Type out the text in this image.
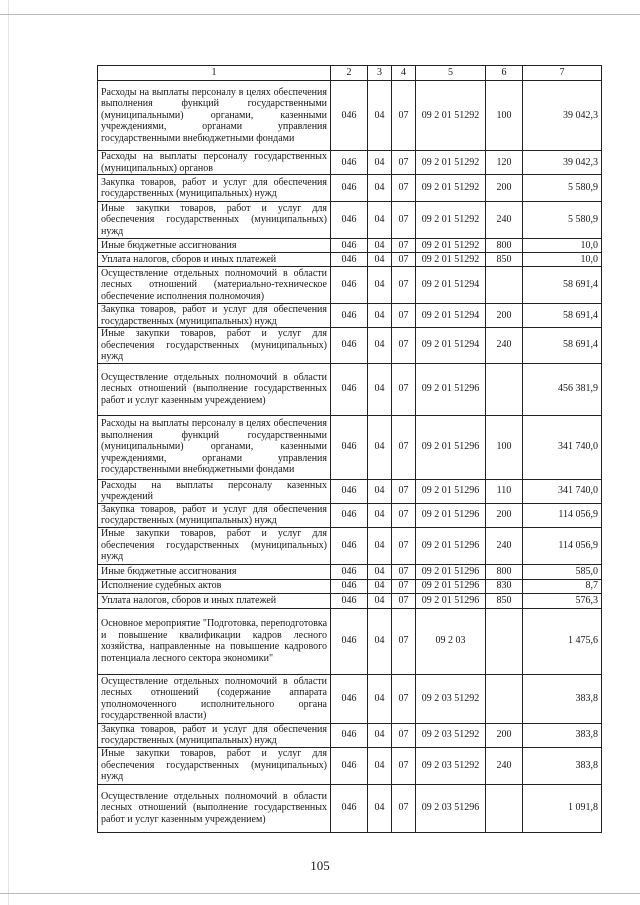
1	2	3	4	5	6	7
Расходы на выплаты персоналу в целях обеспечения выполнения функций государственными (муниципальными) органами, казенными учреждениями, органами управления государственными внебюджетными фондами	046	04	07	09 2 01 51292	100	39 042,3
Расходы на выплаты персоналу государственных (муниципальных) органов	046	04	07	09 2 01 51292	120	39 042,3
Закупка товаров, работ и услуг для обеспечения государственных (муниципальных) нужд	046	04	07	09 2 01 51292	200	5 580,9
Иные закупки товаров, работ и услуг для обеспечения государственных (муниципальных) нужд	046	04	07	09 2 01 51292	240	5 580,9
Иные бюджетные ассигнования	046	04	07	09 2 01 51292	800	10,0
Уплата налогов, сборов и иных платежей	046	04	07	09 2 01 51292	850	10,0
Осуществление отдельных полномочий в области лесных отношений (материально-техническое обеспечение исполнения полномочия)	046	04	07	09 2 01 51294		58 691,4
Закупка товаров, работ и услуг для обеспечения государственных (муниципальных) нужд	046	04	07	09 2 01 51294	200	58 691,4
Иные закупки товаров, работ и услуг для обеспечения государственных (муниципальных) нужд	046	04	07	09 2 01 51294	240	58 691,4
Осуществление отдельных полномочий в области лесных отношений (выполнение государственных работ и услуг казенным учреждением)	046	04	07	09 2 01 51296		456 381,9
Расходы на выплаты персоналу в целях обеспечения выполнения функций государственными (муниципальными) органами, казенными учреждениями, органами управления государственными внебюджетными фондами	046	04	07	09 2 01 51296	100	341 740,0
Расходы на выплаты персоналу казенных учреждений	046	04	07	09 2 01 51296	110	341 740,0
Закупка товаров, работ и услуг для обеспечения государственных (муниципальных) нужд	046	04	07	09 2 01 51296	200	114 056,9
Иные закупки товаров, работ и услуг для обеспечения государственных (муниципальных) нужд	046	04	07	09 2 01 51296	240	114 056,9
Иные бюджетные ассигнования	046	04	07	09 2 01 51296	800	585,0
Исполнение судебных актов	046	04	07	09 2 01 51296	830	8,7
Уплата налогов, сборов и иных платежей	046	04	07	09 2 01 51296	850	576,3
Основное мероприятие "Подготовка, переподготовка и повышение квалификации кадров лесного хозяйства, направленные на повышение кадрового потенциала лесного сектора экономики"	046	04	07	09 2 03		1 475,6
Осуществление отдельных полномочий в области лесных отношений (содержание аппарата уполномоченного исполнительного органа государственной власти)	046	04	07	09 2 03 51292		383,8
Закупка товаров, работ и услуг для обеспечения государственных (муниципальных) нужд	046	04	07	09 2 03 51292	200	383,8
Иные закупки товаров, работ и услуг для обеспечения государственных (муниципальных) нужд	046	04	07	09 2 03 51292	240	383,8
Осуществление отдельных полномочий в области лесных отношений (выполнение государственных работ и услуг казенным учреждением)	046	04	07	09 2 03 51296		1 091,8
105
